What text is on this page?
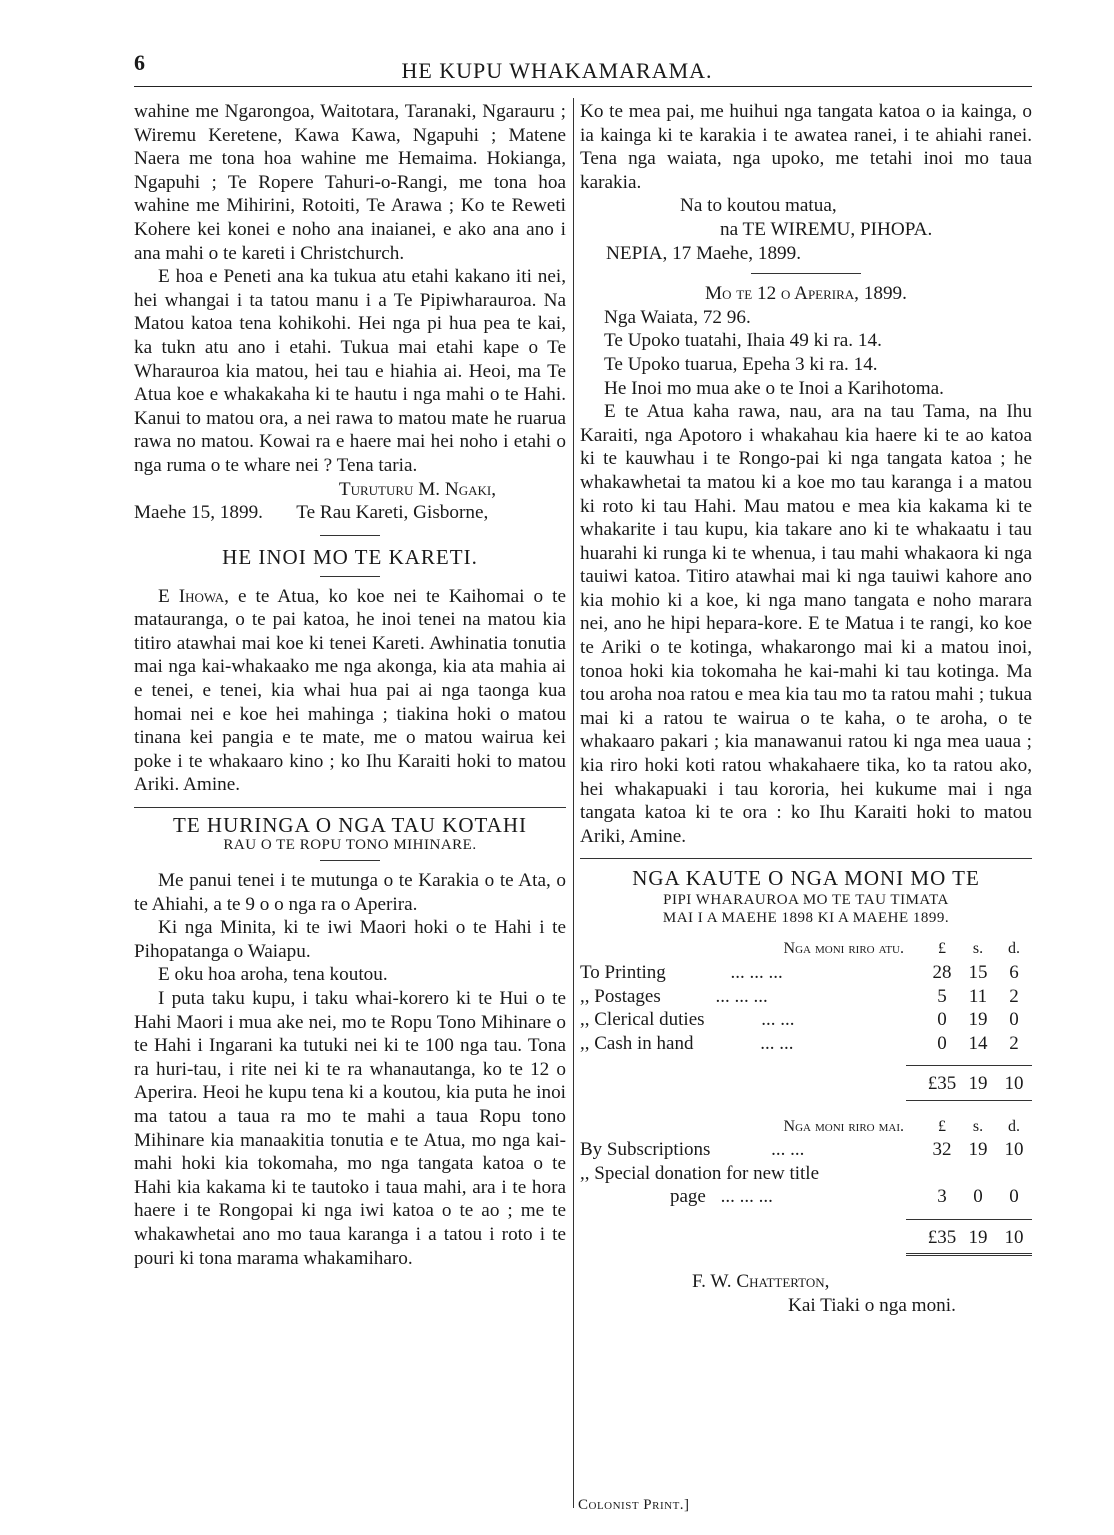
6	HE KUPU WHAKAMARAMA.

wahine me Ngarongoa, Waitotara, Taranaki, Ngarauru ; Wiremu Keretene, Kawa Kawa, Ngapuhi ; Matene Naera me tona hoa wahine me Hemaima. Hokianga, Ngapuhi ; Te Ropere Tahuri-o-Rangi, me tona hoa wahine me Mihirini, Rotoiti, Te Arawa ; Ko te Reweti Kohere kei konei e noho ana inaianei, e ako ana ano i ana mahi o te kareti i Christchurch.

E hoa e Peneti ana ka tukua atu etahi kakano iti nei, hei whangai i ta tatou manu i a Te Pipiwharauroa. Na Matou katoa tena kohikohi. Hei nga pi hua pea te kai, ka tukn atu ano i etahi. Tukua mai etahi kape o Te Wharauroa kia matou, hei tau e hiahia ai. Heoi, ma Te Atua koe e whakakaha ki te hautu i nga mahi o te Hahi. Kanui to matou ora, a nei rawa to matou mate he ruarua rawa no matou. Kowai ra e haere mai hei noho i etahi o nga ruma o te whare nei ? Tena taria.

Turuturu M. Ngaki,

Maehe 15, 1899. Te Rau Kareti, Gisborne,

HE INOI MO TE KARETI.

E Ihowa, e te Atua, ko koe nei te Kaihomai o te matauranga, o te pai katoa, he inoi tenei na matou kia titiro atawhai mai koe ki tenei Kareti. Awhinatia tonutia mai nga kai-whakaako me nga akonga, kia ata mahia ai e tenei, e tenei, kia whai hua pai ai nga taonga kua homai nei e koe hei mahinga ; tiakina hoki o matou tinana kei pangia e te mate, me o matou wairua kei poke i te whakaaro kino ; ko Ihu Karaiti hoki to matou Ariki. Amine.

TE HURINGA O NGA TAU KOTAHI
RAU O TE ROPU TONO MIHINARE.

Me panui tenei i te mutunga o te Karakia o te Ata, o te Ahiahi, a te 9 o o nga ra o Aperira.

Ki nga Minita, ki te iwi Maori hoki o te Hahi i te Pihopatanga o Waiapu.

E oku hoa aroha, tena koutou.

I puta taku kupu, i taku whai-korero ki te Hui o te Hahi Maori i mua ake nei, mo te Ropu Tono Mihinare o te Hahi i Ingarani ka tutuki nei ki te 100 nga tau. Tona ra huri-tau, i rite nei ki te ra whanautanga, ko te 12 o Aperira. Heoi he kupu tena ki a koutou, kia puta he inoi ma tatou a taua ra mo te mahi a taua Ropu tono Mihinare kia manaakitia tonutia e te Atua, mo nga kai-mahi hoki kia tokomaha, mo nga tangata katoa o te Hahi kia kakama ki te tautoko i taua mahi, ara i te hora haere i te Rongopai ki nga iwi katoa o te ao ; me te whakawhetai ano mo taua karanga i a tatou i roto i te pouri ki tona marama whakamiharo.

Ko te mea pai, me huihui nga tangata katoa o ia kainga, o ia kainga ki te karakia i te awatea ranei, i te ahiahi ranei. Tena nga waiata, nga upoko, me tetahi inoi mo taua karakia.

Na to koutou matua,

na TE WIREMU, PIHOPA.

NEPIA, 17 Maehe, 1899.

Mo te 12 o Aperira, 1899.

Nga Waiata, 72 96.

Te Upoko tuatahi, Ihaia 49 ki ra. 14.

Te Upoko tuarua, Epeha 3 ki ra. 14.

He Inoi mo mua ake o te Inoi a Karihotoma.

E te Atua kaha rawa, nau, ara na tau Tama, na Ihu Karaiti, nga Apotoro i whakahau kia haere ki te ao katoa ki te kauwhau i te Rongo-pai ki nga tangata katoa ; he whakawhetai ta matou ki a koe mo tau karanga i a matou ki roto ki tau Hahi. Mau matou e mea kia kakama ki te whakarite i tau kupu, kia takare ano ki te whakaatu i tau huarahi ki runga ki te whenua, i tau mahi whakaora ki nga tauiwi katoa. Titiro atawhai mai ki nga tauiwi kahore ano kia mohio ki a koe, ki nga mano tangata e noho marara nei, ano he hipi hepara-kore. E te Matua i te rangi, ko koe te Ariki o te kotinga, whakarongo mai ki a matou inoi, tonoa hoki kia tokomaha he kai-mahi ki tau kotinga. Ma tou aroha noa ratou e mea kia tau mo ta ratou mahi ; tukua mai ki a ratou te wairua o te kaha, o te aroha, o te whakaaro pakari ; kia manawanui ratou ki nga mea uaua ; kia riro hoki koti ratou whakahaere tika, ko ta ratou ako, hei whakapuaki i tau kororia, hei kukume mai i nga tangata katoa ki te ora : ko Ihu Karaiti hoki to matou Ariki, Amine.

NGA KAUTE O NGA MONI MO TE
PIPI WHARAUROA MO TE TAU TIMATA
MAI I A MAEHE 1898 KI A MAEHE 1899.
Nga moni riro atu.	£	s.	d.
To Printing	... ... ...	28 15	6
,, Postages	... ... ...	5	11	2
,, Clerical duties	... ...	0	19	0
,, Cash in hand	... ...	0	14	2
£35 19 10
Nga moni riro mai.	£	s.	d.
By Subscriptions	... ...	32 19 10
,, Special donation for new title
page ... ... ...	3	0	0
£35 19 10

F. W. Chatterton,

Kai Tiaki o nga moni.

Colonist Print.]
